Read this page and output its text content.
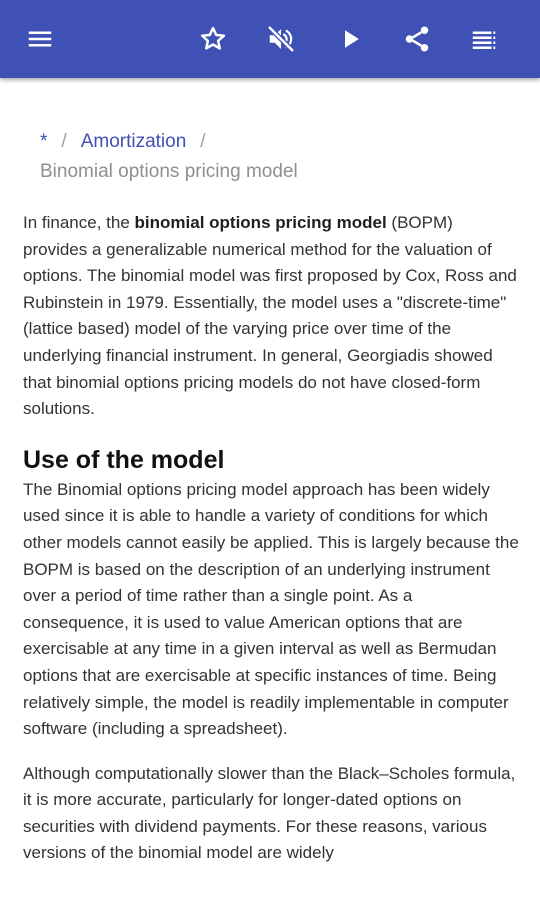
* / Amortization /
Binomial options pricing model

In finance, the binomial options pricing model (BOPM) provides a generalizable numerical method for the valuation of options. The binomial model was first proposed by Cox, Ross and Rubinstein in 1979. Essentially, the model uses a "discrete-time" (lattice based) model of the varying price over time of the underlying financial instrument. In general, Georgiadis showed that binomial options pricing models do not have closed-form solutions.

Use of the model

The Binomial options pricing model approach has been widely used since it is able to handle a variety of conditions for which other models cannot easily be applied. This is largely because the BOPM is based on the description of an underlying instrument over a period of time rather than a single point. As a consequence, it is used to value American options that are exercisable at any time in a given interval as well as Bermudan options that are exercisable at specific instances of time. Being relatively simple, the model is readily implementable in computer software (including a spreadsheet).

Although computationally slower than the Black–Scholes formula, it is more accurate, particularly for longer-dated options on securities with dividend payments. For these reasons, various versions of the binomial model are widely
